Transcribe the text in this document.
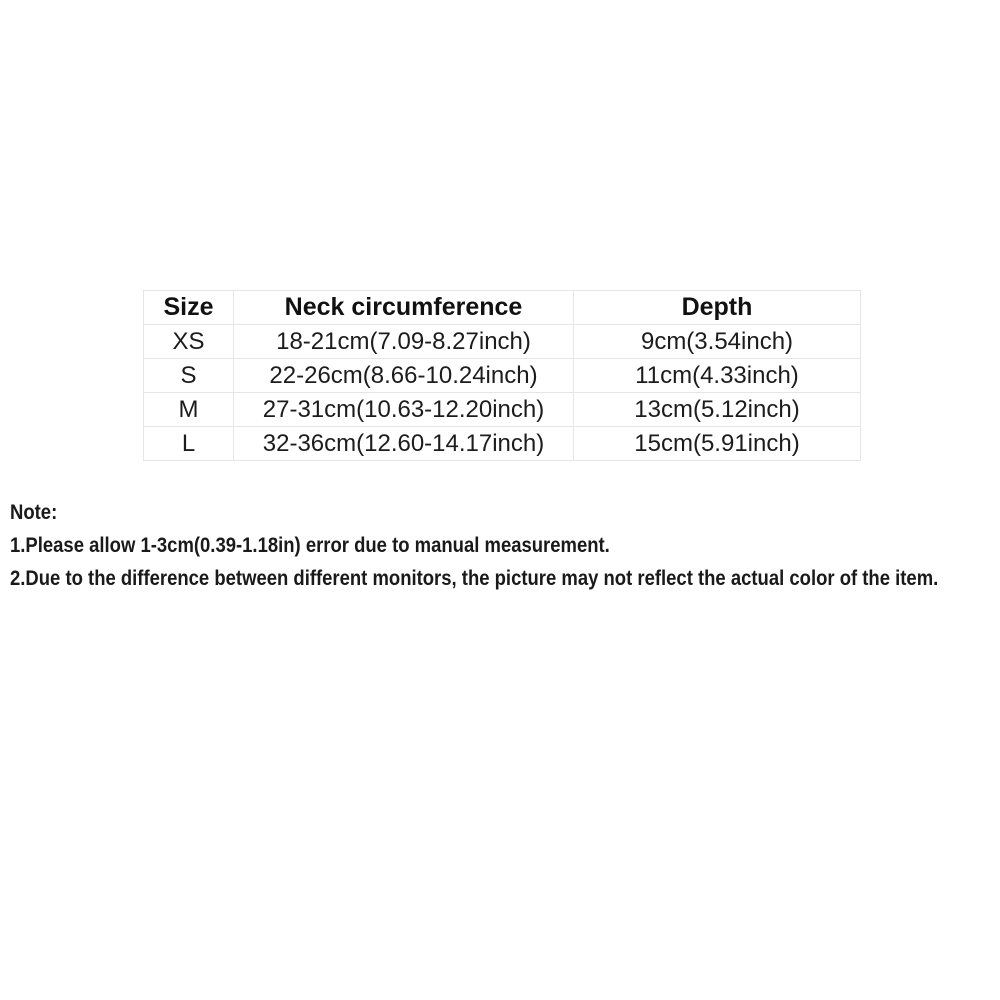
Size	Neck circumference	Depth
XS	18-21cm(7.09-8.27inch)	9cm(3.54inch)
S	22-26cm(8.66-10.24inch)	11cm(4.33inch)
M	27-31cm(10.63-12.20inch)	13cm(5.12inch)
L	32-36cm(12.60-14.17inch)	15cm(5.91inch)
Note:
1.Please allow 1-3cm(0.39-1.18in) error due to manual measurement.
2.Due to the difference between different monitors, the picture may not reflect the actual color of the item.
